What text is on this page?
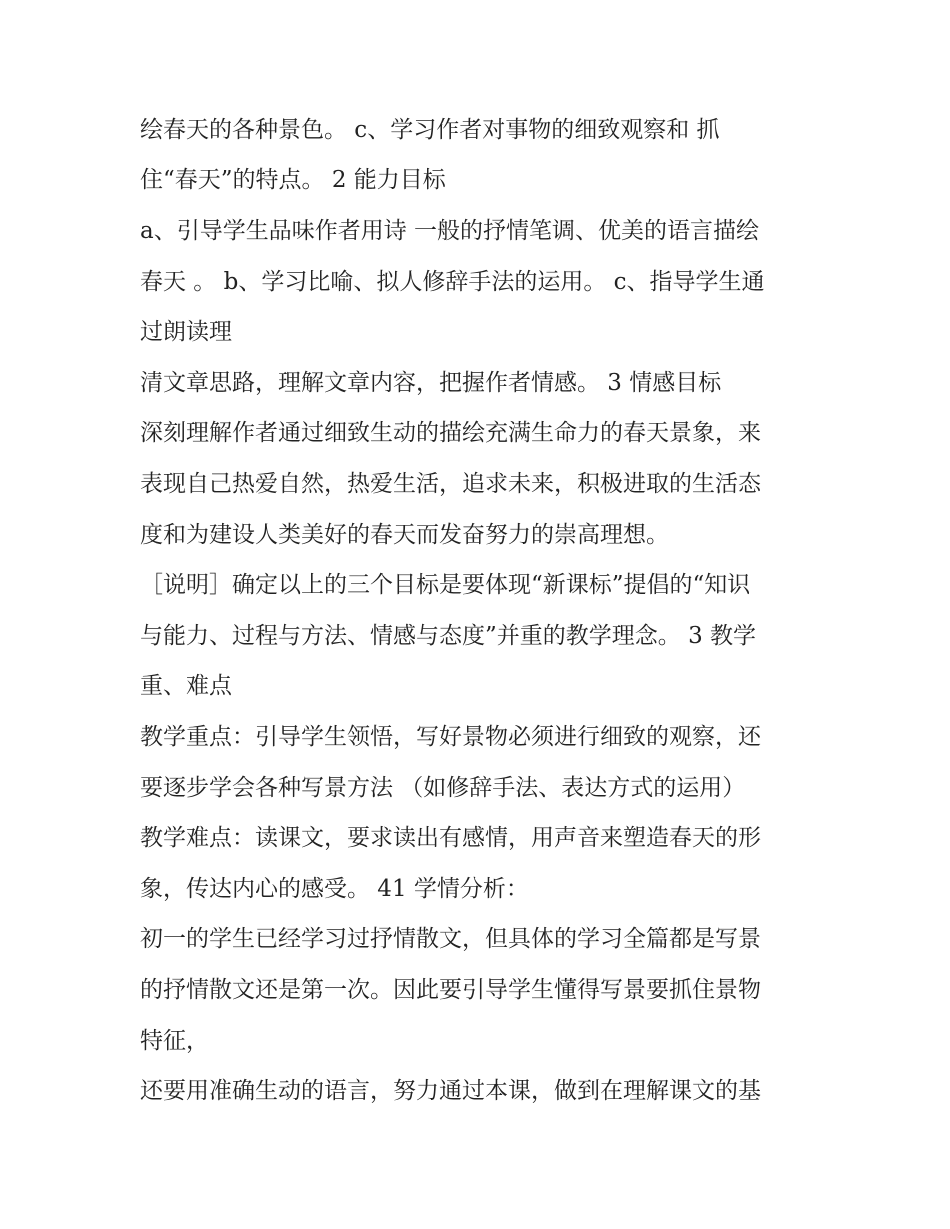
绘春天的各种景色。 c、学习作者对事物的细致观察和 抓
住“春天”的特点。 2 能力目标
a、引导学生品味作者用诗 一般的抒情笔调、优美的语言描绘
春天 。 b、学习比喻、拟人修辞手法的运用。 c、指导学生通
过朗读理
清文章思路，理解文章内容，把握作者情感。 3 情感目标
深刻理解作者通过细致生动的描绘充满生命力的春天景象，来
表现自己热爱自然，热爱生活，追求未来，积极进取的生活态
度和为建设人类美好的春天而发奋努力的崇高理想。
［说明］确定以上的三个目标是要体现“新课标”提倡的“知识
与能力、过程与方法、情感与态度”并重的教学理念。 3 教学
重、难点
教学重点：引导学生领悟，写好景物必须进行细致的观察，还
要逐步学会各种写景方法 （如修辞手法、表达方式的运用）
教学难点：读课文，要求读出有感情，用声音来塑造春天的形
象，传达内心的感受。 41 学情分析：
初一的学生已经学习过抒情散文，但具体的学习全篇都是写景
的抒情散文还是第一次。因此要引导学生懂得写景要抓住景物
特征，
还要用准确生动的语言，努力通过本课，做到在理解课文的基
